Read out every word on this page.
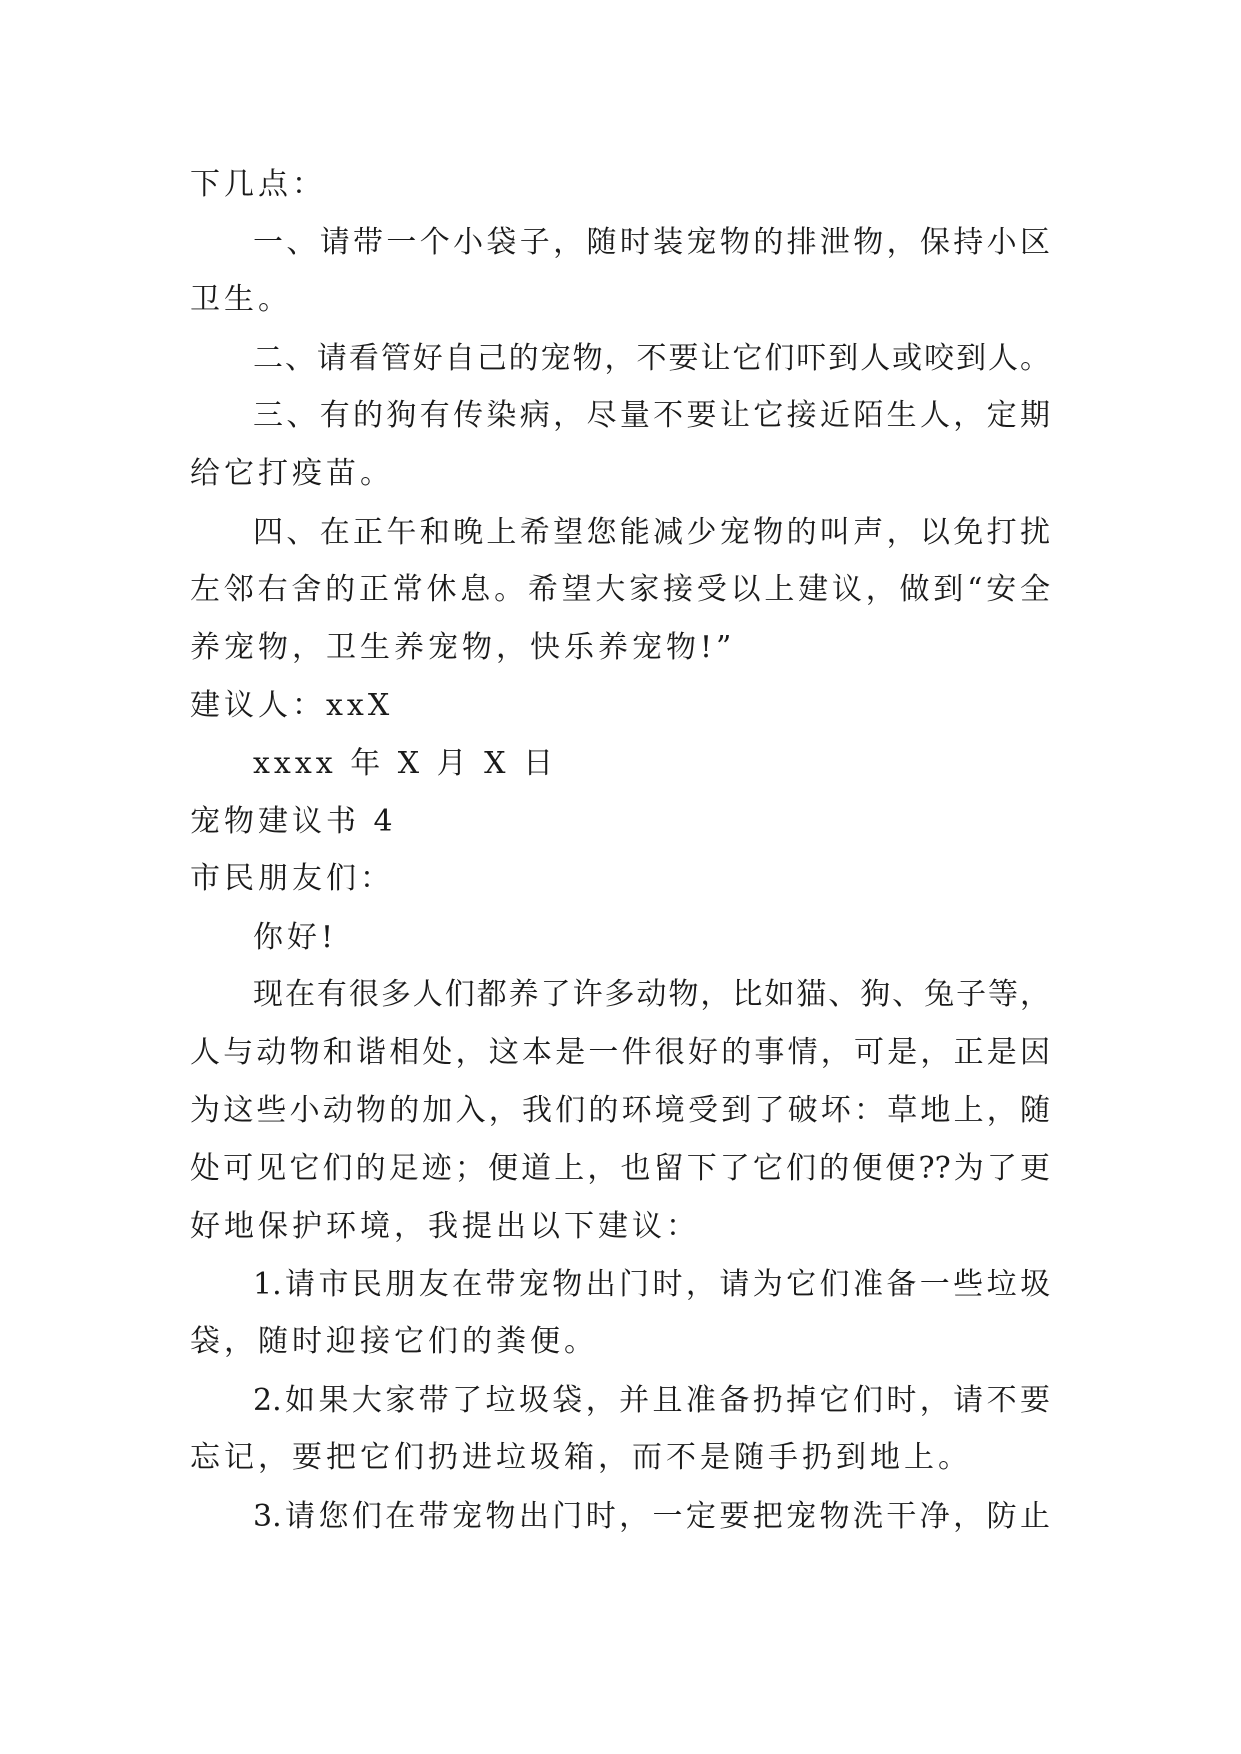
下几点：
一、请带一个小袋子，随时装宠物的排泄物，保持小区
卫生。
二、请看管好自己的宠物，不要让它们吓到人或咬到人。
三、有的狗有传染病，尽量不要让它接近陌生人，定期
给它打疫苗。
四、在正午和晚上希望您能减少宠物的叫声，以免打扰
左邻右舍的正常休息。希望大家接受以上建议，做到“安全
养宠物，卫生养宠物，快乐养宠物!”
建议人：xxX
xxxx 年 X 月 X 日
宠物建议书 4
市民朋友们：
你好!
现在有很多人们都养了许多动物，比如猫、狗、兔子等，
人与动物和谐相处，这本是一件很好的事情，可是，正是因
为这些小动物的加入，我们的环境受到了破坏：草地上，随
处可见它们的足迹；便道上，也留下了它们的便便??为了更
好地保护环境，我提出以下建议：
1.请市民朋友在带宠物出门时，请为它们准备一些垃圾
袋，随时迎接它们的粪便。
2.如果大家带了垃圾袋，并且准备扔掉它们时，请不要
忘记，要把它们扔进垃圾箱，而不是随手扔到地上。
3.请您们在带宠物出门时，一定要把宠物洗干净，防止
